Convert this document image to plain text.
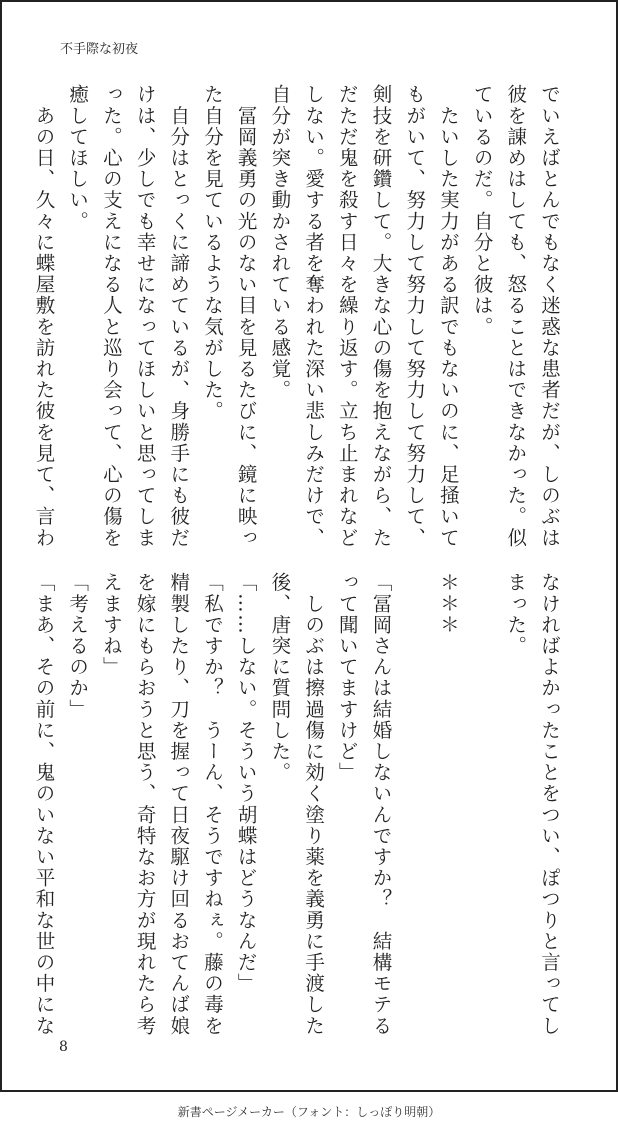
不手際な初夜
でいえばとんでもなく迷惑な患者だが、しのぶは
彼を諌めはしても、怒ることはできなかった。似
ているのだ。自分と彼は。
　たいした実力がある訳でもないのに、足掻いて
もがいて、努力して努力して努力して努力して、
剣技を研鑽して。大きな心の傷を抱えながら、た
だただ鬼を殺す日々を繰り返す。立ち止まれなど
しない。愛する者を奪われた深い悲しみだけで、
自分が突き動かされている感覚。
　冨岡義勇の光のない目を見るたびに、鏡に映っ
た自分を見ているような気がした。
　自分はとっくに諦めているが、身勝手にも彼だ
けは、少しでも幸せになってほしいと思ってしま
った。心の支えになる人と巡り会って、心の傷を
癒してほしい。
　あの日、久々に蝶屋敷を訪れた彼を見て、言わ
なければよかったことをつい、ぽつりと言ってし
まった。

＊＊＊

「冨岡さんは結婚しないんですか？　結構モテる
って聞いてますけど」
　しのぶは擦過傷に効く塗り薬を義勇に手渡した
後、唐突に質問した。
「……しない。そういう胡蝶はどうなんだ」
「私ですか？　うーん、そうですねぇ。藤の毒を
精製したり、刀を握って日夜駆け回るおてんば娘
を嫁にもらおうと思う、奇特なお方が現れたら考
えますね」
「考えるのか」
「まあ、その前に、鬼のいない平和な世の中にな
8
新書ページメーカー（フォント：しっぽり明朝）
